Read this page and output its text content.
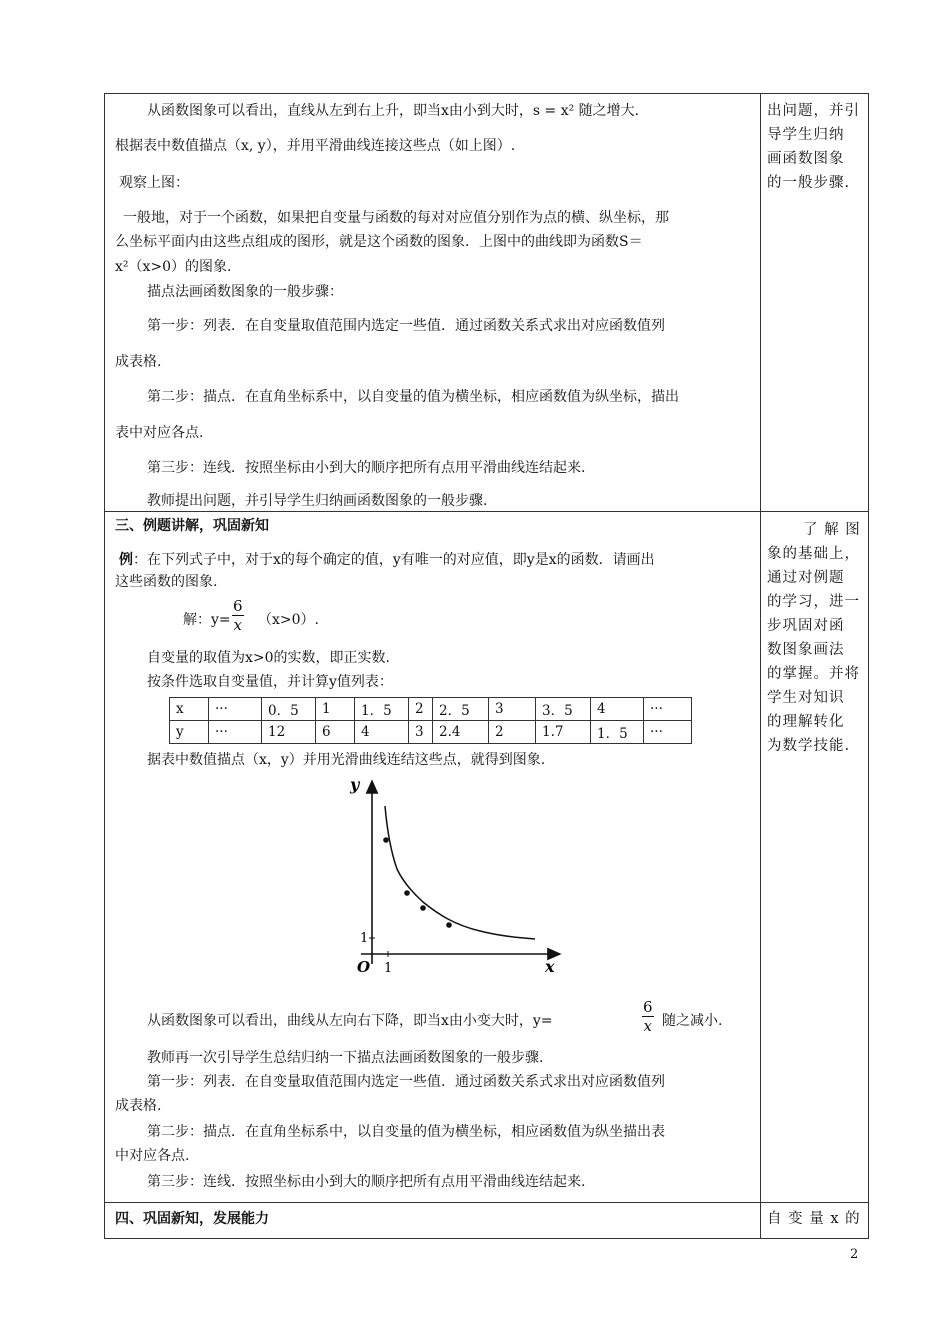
从函数图象可以看出，直线从左到右上升，即当x由小到大时，s = x² 随之增大.
根据表中数值描点（x, y），并用平滑曲线连接这些点（如上图）.
观察上图：
一般地，对于一个函数，如果把自变量与函数的每对对应值分别作为点的横、纵坐标，那
么坐标平面内由这些点组成的图形，就是这个函数的图象．上图中的曲线即为函数S＝
x²（x>0）的图象.
描点法画函数图象的一般步骤：
第一步：列表．在自变量取值范围内选定一些值．通过函数关系式求出对应函数值列
成表格.
第二步：描点．在直角坐标系中，以自变量的值为横坐标，相应函数值为纵坐标，描出
表中对应各点.
第三步：连线．按照坐标由小到大的顺序把所有点用平滑曲线连结起来.
教师提出问题，并引导学生归纳画函数图象的一般步骤.
出问题，并引
导学生归纳
画函数图象
的一般步骤.
三、例题讲解，巩固新知
例：在下列式子中，对于x的每个确定的值，y有唯一的对应值，即y是x的函数．请画出
这些函数的图象.
解：$y= \frac{6}{x} (x>0)$.
自变量的取值为x>0的实数，即正实数.
按条件选取自变量值，并计算y值列表：
x	···	0．5	1	1．5	2	2．5	3	3．5	4	···
y	···	12	6	4	3	2.4	2	1.7	1．5	···
据表中数值描点（x，y）并用光滑曲线连结这些点，就得到图象.
y
x
O 1
1
从函数图象可以看出，曲线从左向右下降，即当x由小变大时，y=	$\frac{6}{x}$ 随之减小.
教师再一次引导学生总结归纳一下描点法画函数图象的一般步骤.
第一步：列表．在自变量取值范围内选定一些值．通过函数关系式求出对应函数值列
成表格.
第二步：描点．在直角坐标系中，以自变量的值为横坐标，相应函数值为纵坐描出表
中对应各点.
第三步：连线．按照坐标由小到大的顺序把所有点用平滑曲线连结起来.
了 解 图
象的基础上，
通过对例题
的学习，进一
步巩固对函
数图象画法
的掌握。并将
学生对知识
的理解转化
为数学技能.
四、巩固新知，发展能力	自 变 量 x 的
2
